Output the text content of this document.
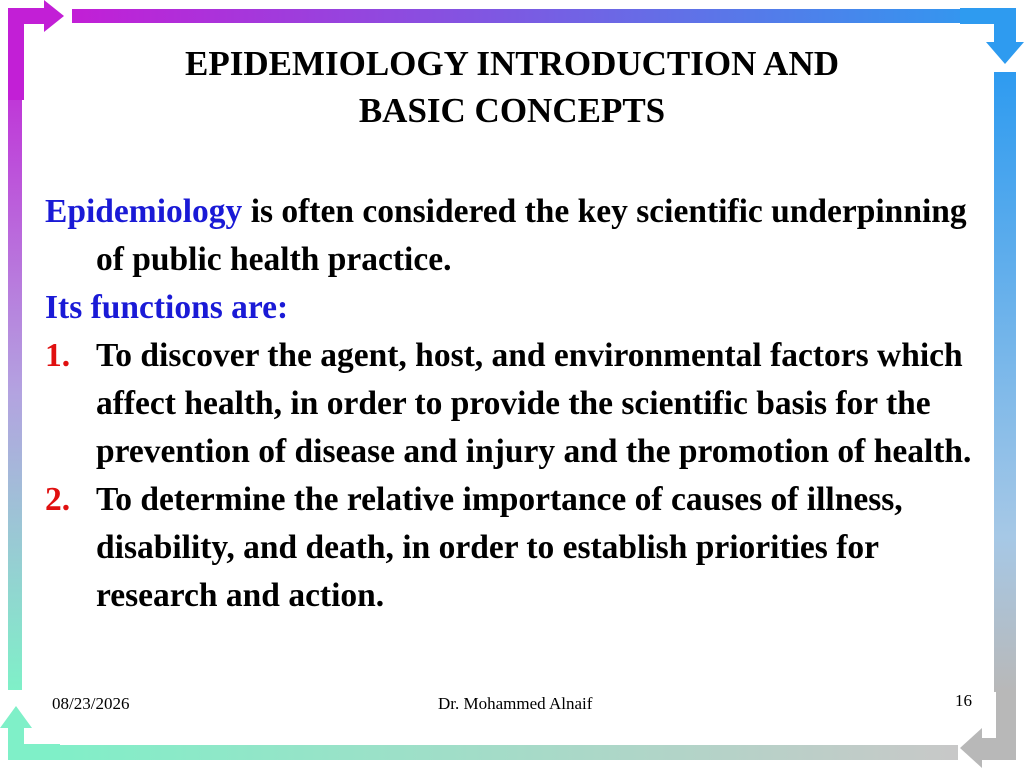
EPIDEMIOLOGY INTRODUCTION AND
BASIC CONCEPTS

Epidemiology is often considered the key scientific underpinning of public health practice.

Its functions are:

1. To discover the agent, host, and environmental factors which affect health, in order to provide the scientific basis for the prevention of disease and injury and the promotion of health.
2. To determine the relative importance of causes of illness, disability, and death, in order to establish priorities for research and action.
08/23/2026	Dr. Mohammed Alnaif	16
